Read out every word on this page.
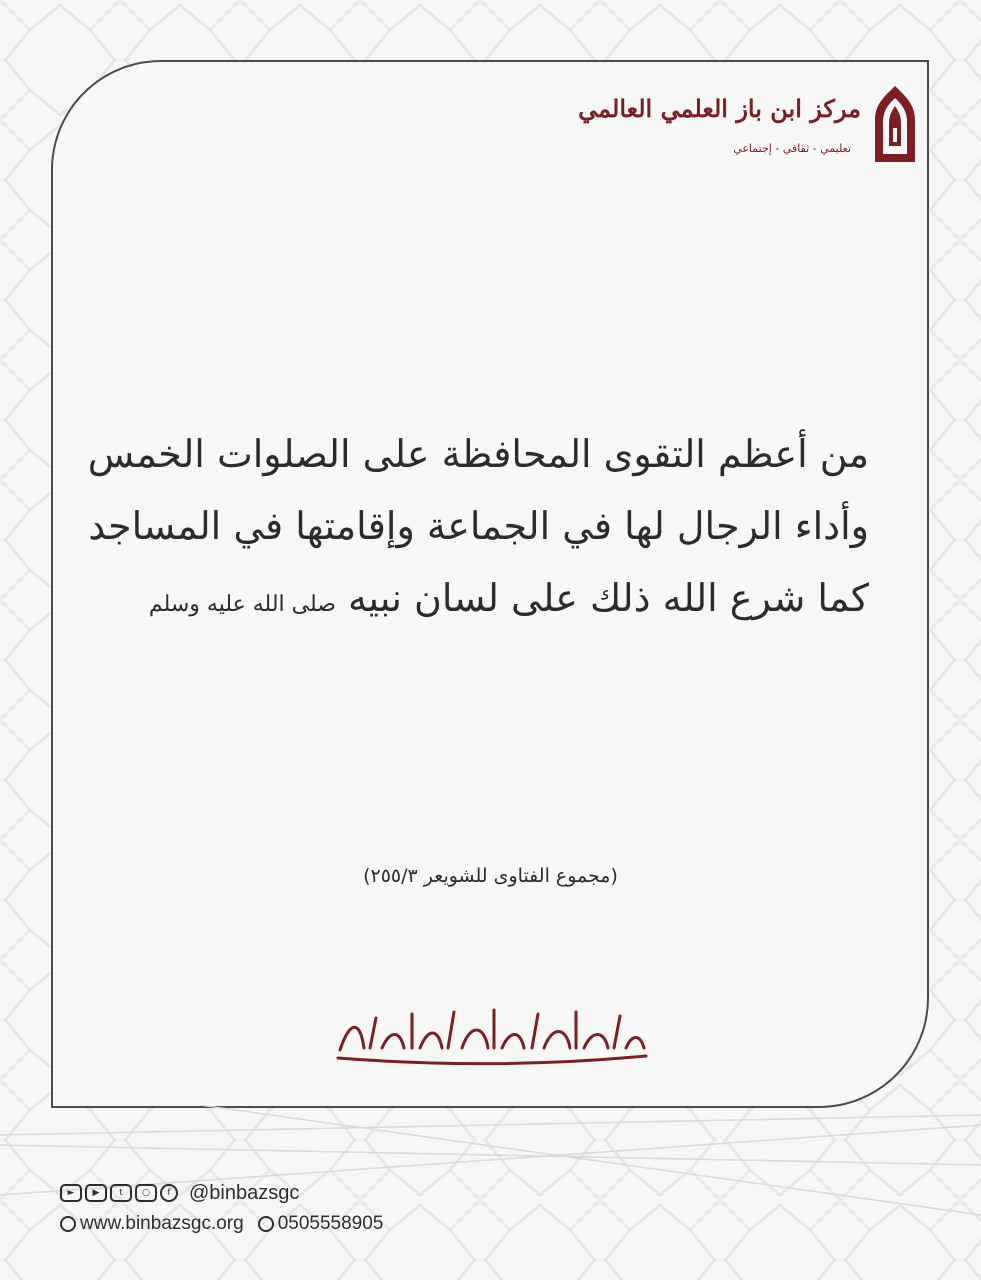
مركز ابن باز العلمي العالمي
تعليمي - ثقافي - إجتماعي
من أعظم التقوى المحافظة على الصلوات الخمس
وأداء الرجال لها في الجماعة وإقامتها في المساجد
كما شرع الله ذلك على لسان نبيه صلى الله عليه وسلم
(مجموع الفتاوى للشويعر ٢٥٥/٣)
►	▶	t	○	f @binbazsgc
www.binbazsgc.org 0505558905
